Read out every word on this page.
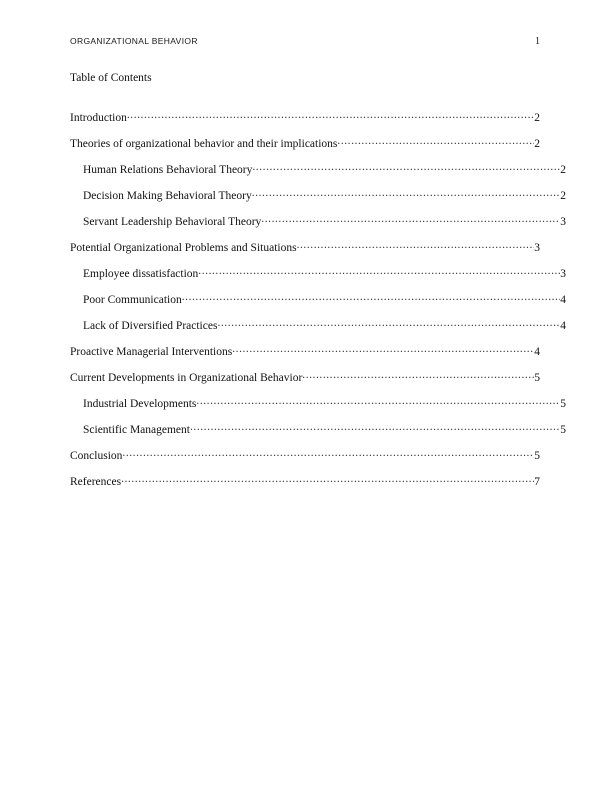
ORGANIZATIONAL BEHAVIOR	1
Table of Contents
Introduction .....	2
Theories of organizational behavior and their implications .....	2
Human Relations Behavioral Theory .....	2
Decision Making Behavioral Theory .....	2
Servant Leadership Behavioral Theory .....	3
Potential Organizational Problems and Situations .....	3
Employee dissatisfaction .....	3
Poor Communication .....	4
Lack of Diversified Practices .....	4
Proactive Managerial Interventions .....	4
Current Developments in Organizational Behavior .....	5
Industrial Developments .....	5
Scientific Management .....	5
Conclusion .....	5
References .....	7
